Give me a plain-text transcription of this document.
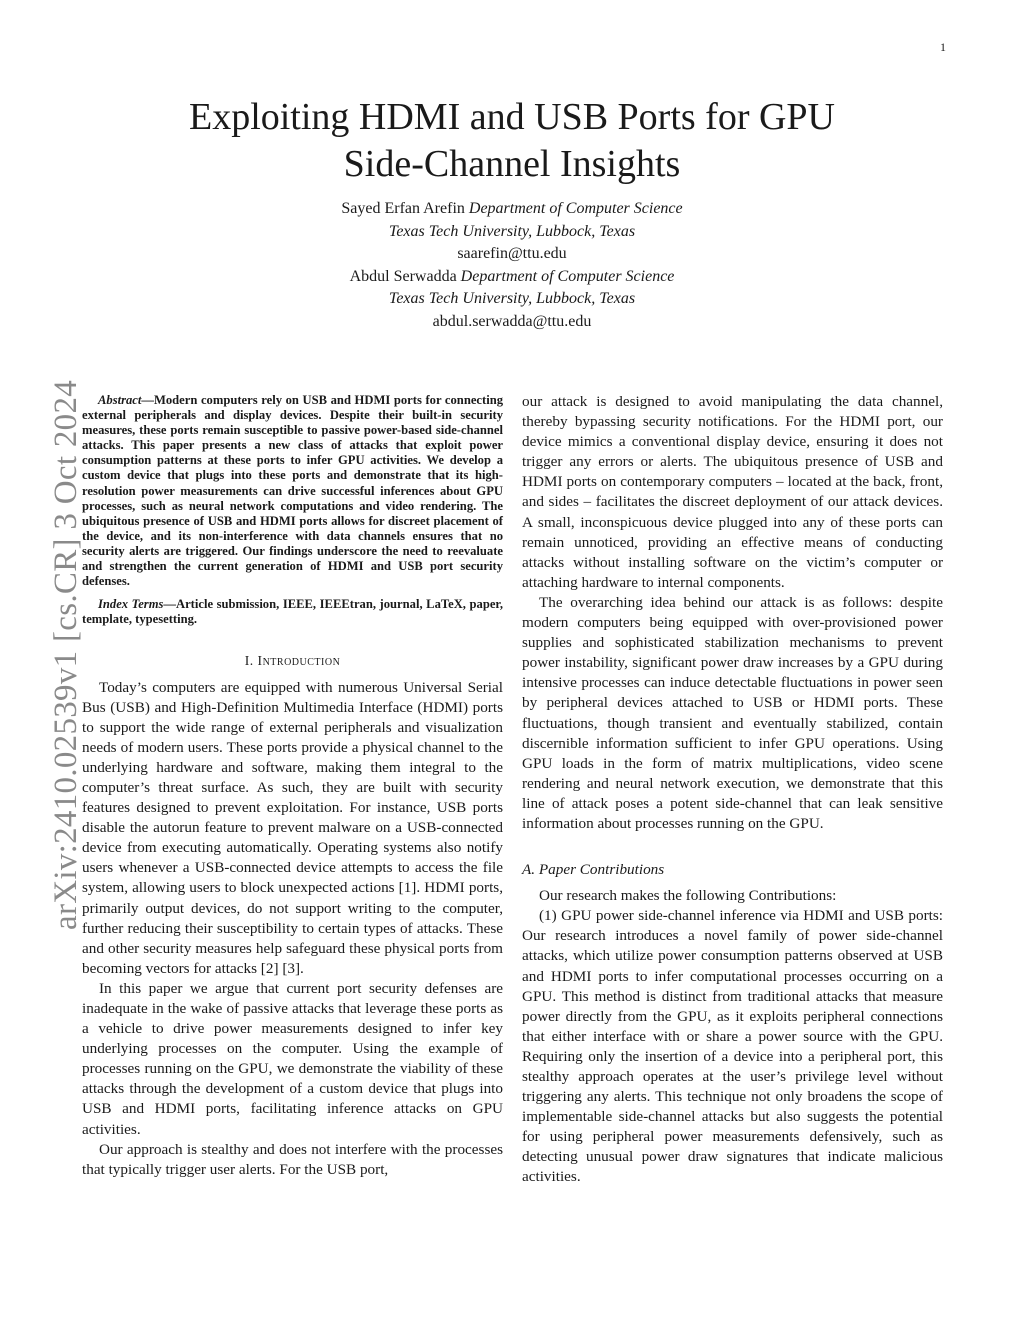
1
arXiv:2410.02539v1 [cs.CR] 3 Oct 2024
Exploiting HDMI and USB Ports for GPU
Side-Channel Insights
Sayed Erfan Arefin Department of Computer Science
Texas Tech University, Lubbock, Texas
saarefin@ttu.edu
Abdul Serwadda Department of Computer Science
Texas Tech University, Lubbock, Texas
abdul.serwadda@ttu.edu

Abstract—Modern computers rely on USB and HDMI ports for connecting external peripherals and display devices. Despite their built-in security measures, these ports remain susceptible to passive power-based side-channel attacks. This paper presents a new class of attacks that exploit power consumption patterns at these ports to infer GPU activities. We develop a custom device that plugs into these ports and demonstrate that its high-resolution power measurements can drive successful inferences about GPU processes, such as neural network computations and video rendering. The ubiquitous presence of USB and HDMI ports allows for discreet placement of the device, and its non-interference with data channels ensures that no security alerts are triggered. Our findings underscore the need to reevaluate and strengthen the current generation of HDMI and USB port security defenses.

Index Terms—Article submission, IEEE, IEEEtran, journal, LaTeX, paper, template, typesetting.

I. Introduction

Today’s computers are equipped with numerous Universal Serial Bus (USB) and High-Definition Multimedia Interface (HDMI) ports to support the wide range of external peripherals and visualization needs of modern users. These ports provide a physical channel to the underlying hardware and software, making them integral to the computer’s threat surface. As such, they are built with security features designed to prevent exploitation. For instance, USB ports disable the autorun feature to prevent malware on a USB-connected device from executing automatically. Operating systems also notify users whenever a USB-connected device attempts to access the file system, allowing users to block unexpected actions [1]. HDMI ports, primarily output devices, do not support writing to the computer, further reducing their susceptibility to certain types of attacks. These and other security measures help safeguard these physical ports from becoming vectors for attacks [2] [3].

In this paper we argue that current port security defenses are inadequate in the wake of passive attacks that leverage these ports as a vehicle to drive power measurements designed to infer key underlying processes on the computer. Using the example of processes running on the GPU, we demonstrate the viability of these attacks through the development of a custom device that plugs into USB and HDMI ports, facilitating inference attacks on GPU activities.

Our approach is stealthy and does not interfere with the processes that typically trigger user alerts. For the USB port,

our attack is designed to avoid manipulating the data channel, thereby bypassing security notifications. For the HDMI port, our device mimics a conventional display device, ensuring it does not trigger any errors or alerts. The ubiquitous presence of USB and HDMI ports on contemporary computers – located at the back, front, and sides – facilitates the discreet deployment of our attack devices. A small, inconspicuous device plugged into any of these ports can remain unnoticed, providing an effective means of conducting attacks without installing software on the victim’s computer or attaching hardware to internal components.

The overarching idea behind our attack is as follows: despite modern computers being equipped with over-provisioned power supplies and sophisticated stabilization mechanisms to prevent power instability, significant power draw increases by a GPU during intensive processes can induce detectable fluctuations in power seen by peripheral devices attached to USB or HDMI ports. These fluctuations, though transient and eventually stabilized, contain discernible information sufficient to infer GPU operations. Using GPU loads in the form of matrix multiplications, video scene rendering and neural network execution, we demonstrate that this line of attack poses a potent side-channel that can leak sensitive information about processes running on the GPU.

A. Paper Contributions

Our research makes the following Contributions:

(1) GPU power side-channel inference via HDMI and USB ports: Our research introduces a novel family of power side-channel attacks, which utilize power consumption patterns observed at USB and HDMI ports to infer computational processes occurring on a GPU. This method is distinct from traditional attacks that measure power directly from the GPU, as it exploits peripheral connections that either interface with or share a power source with the GPU. Requiring only the insertion of a device into a peripheral port, this stealthy approach operates at the user’s privilege level without triggering any alerts. This technique not only broadens the scope of implementable side-channel attacks but also suggests the potential for using peripheral power measurements defensively, such as detecting unusual power draw signatures that indicate malicious activities.
